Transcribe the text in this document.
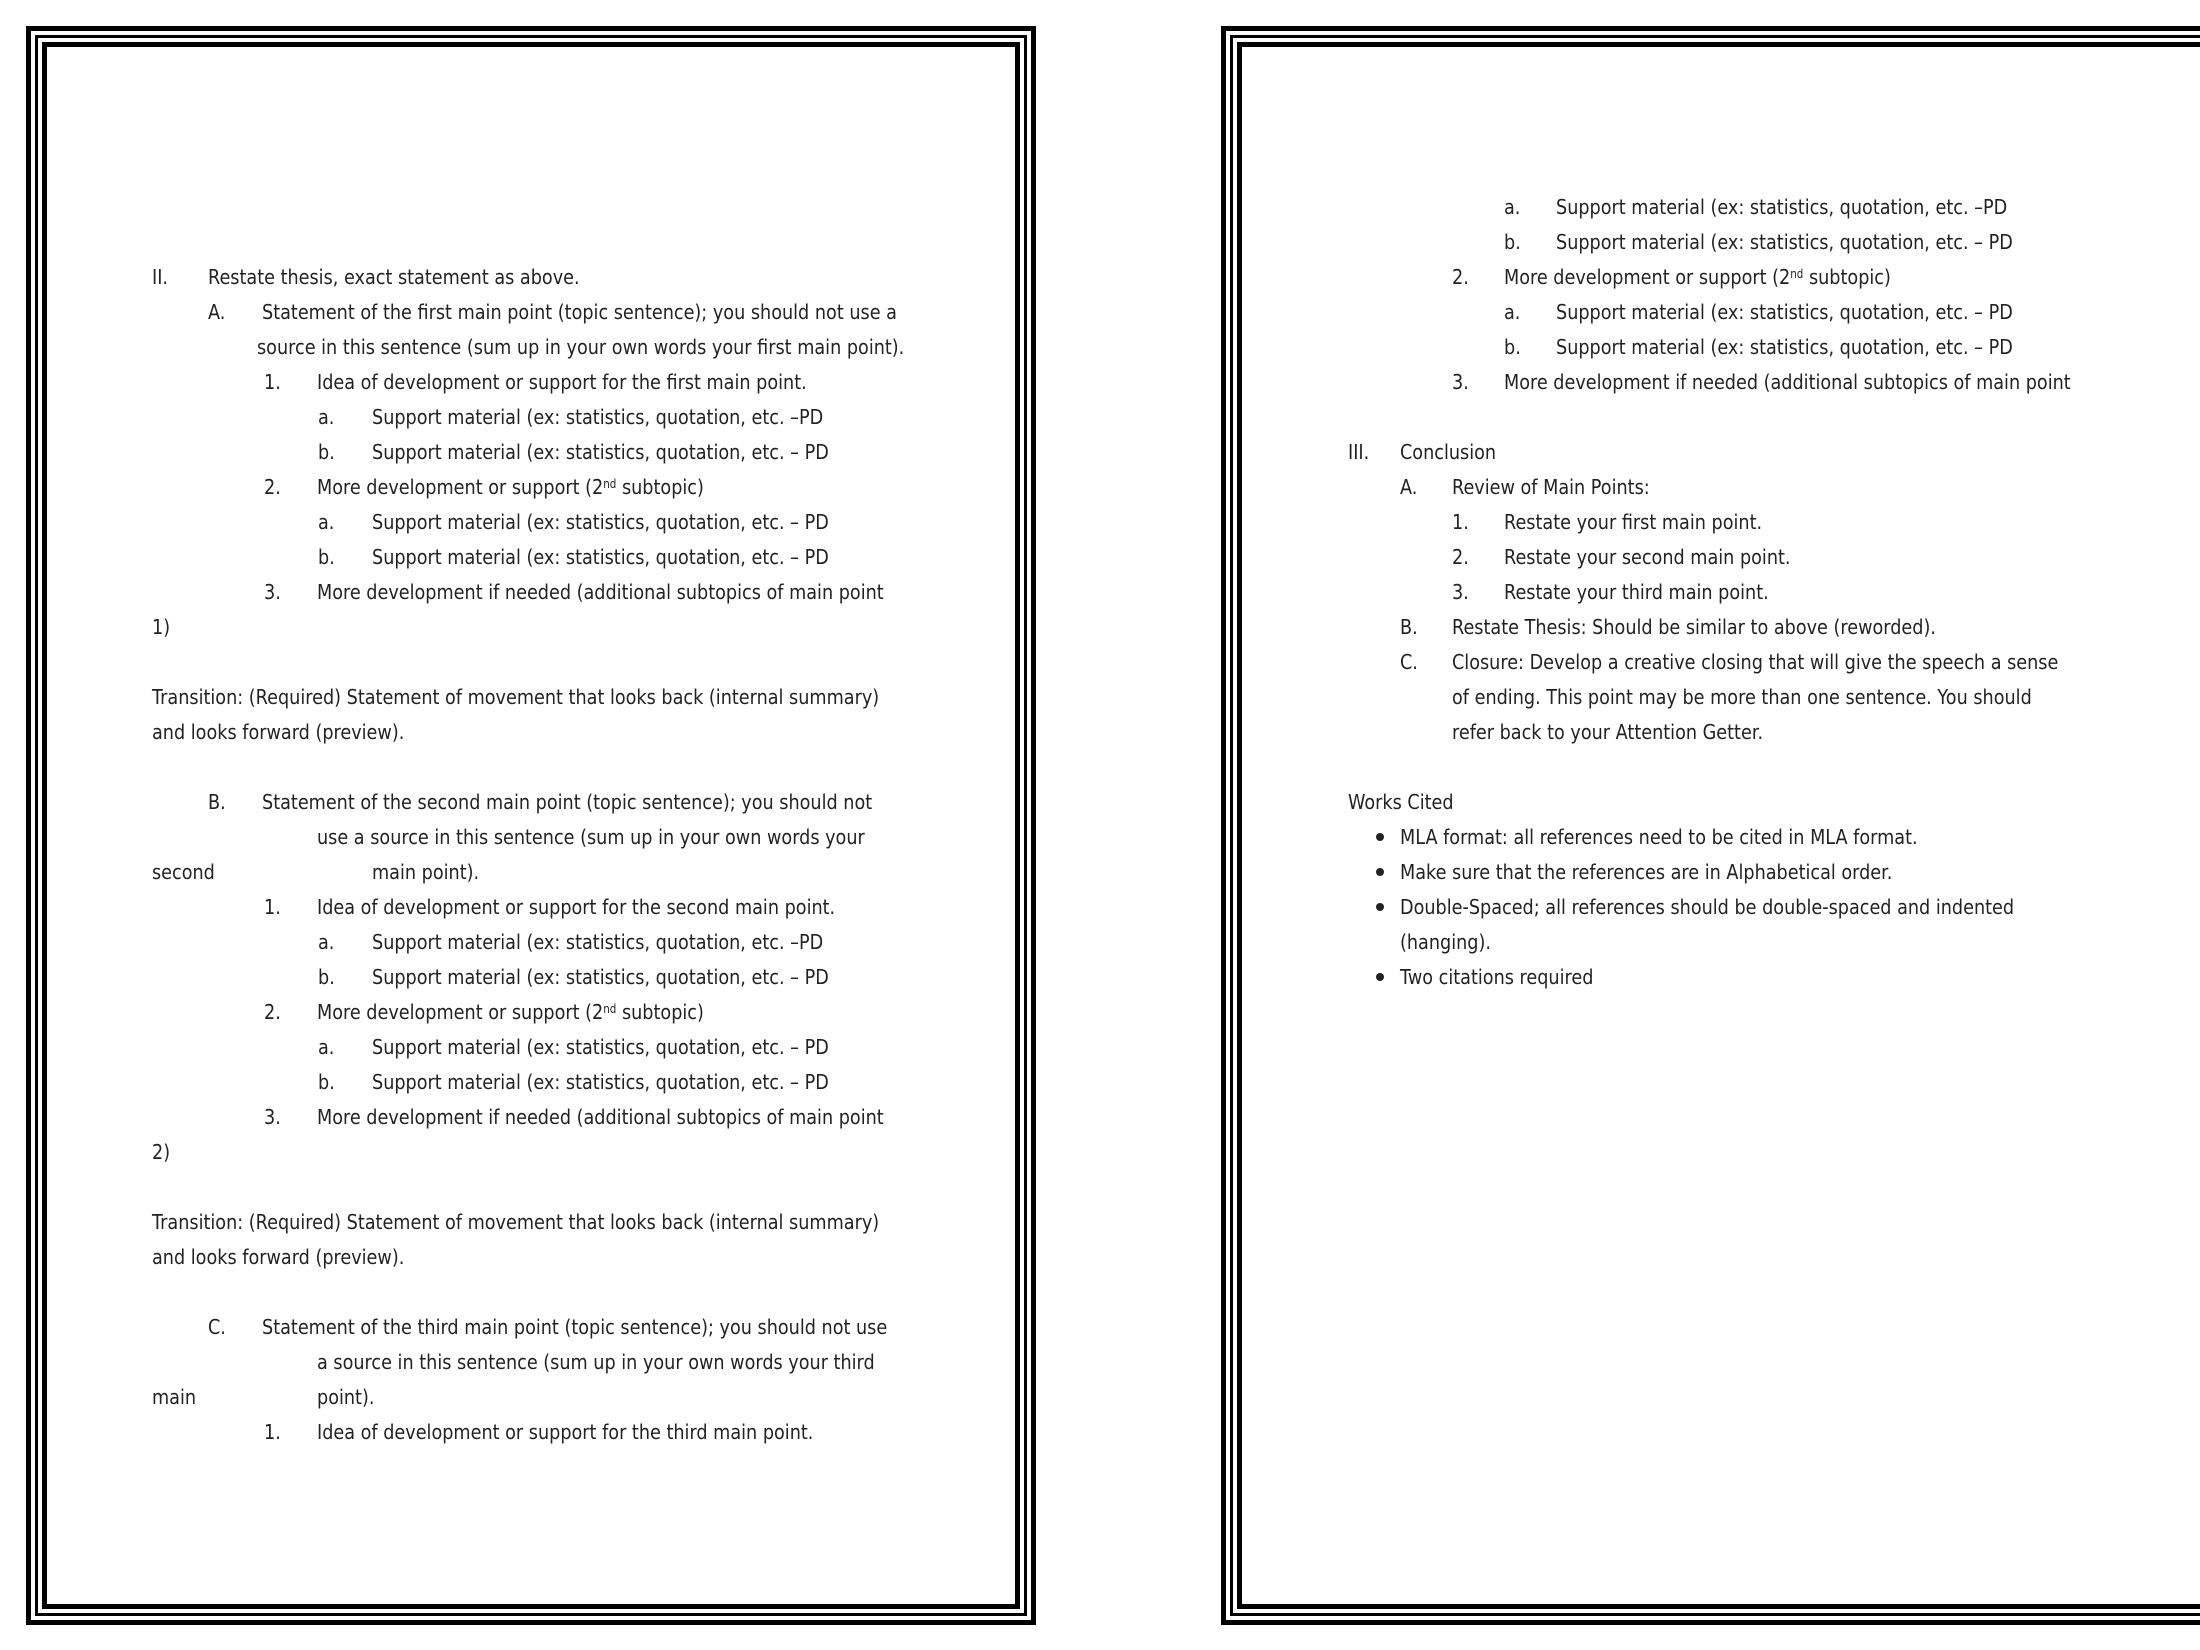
II. Restate thesis, exact statement as above.
A. Statement of the first main point (topic sentence); you should not use a
source in this sentence (sum up in your own words your first main point).
1. Idea of development or support for the first main point.
a. Support material (ex: statistics, quotation, etc. –PD
b. Support material (ex: statistics, quotation, etc. – PD
2. More development or support (2nd subtopic)
a. Support material (ex: statistics, quotation, etc. – PD
b. Support material (ex: statistics, quotation, etc. – PD
3. More development if needed (additional subtopics of main point
1)
Transition: (Required) Statement of movement that looks back (internal summary)
and looks forward (preview).
B. Statement of the second main point (topic sentence); you should not
use a source in this sentence (sum up in your own words your
second	main point).
1. Idea of development or support for the second main point.
a. Support material (ex: statistics, quotation, etc. –PD
b. Support material (ex: statistics, quotation, etc. – PD
2. More development or support (2nd subtopic)
a. Support material (ex: statistics, quotation, etc. – PD
b. Support material (ex: statistics, quotation, etc. – PD
3. More development if needed (additional subtopics of main point
2)
Transition: (Required) Statement of movement that looks back (internal summary)
and looks forward (preview).
C. Statement of the third main point (topic sentence); you should not use
a source in this sentence (sum up in your own words your third
main	point).
1. Idea of development or support for the third main point.
a. Support material (ex: statistics, quotation, etc. –PD
b. Support material (ex: statistics, quotation, etc. – PD
2. More development or support (2nd subtopic)
a. Support material (ex: statistics, quotation, etc. – PD
b. Support material (ex: statistics, quotation, etc. – PD
3. More development if needed (additional subtopics of main point
III. Conclusion
A. Review of Main Points:
1. Restate your first main point.
2. Restate your second main point.
3. Restate your third main point.
B. Restate Thesis: Should be similar to above (reworded).
C. Closure: Develop a creative closing that will give the speech a sense
of ending. This point may be more than one sentence. You should
refer back to your Attention Getter.
Works Cited
MLA format: all references need to be cited in MLA format.
Make sure that the references are in Alphabetical order.
Double-Spaced; all references should be double-spaced and indented
(hanging).
Two citations required
